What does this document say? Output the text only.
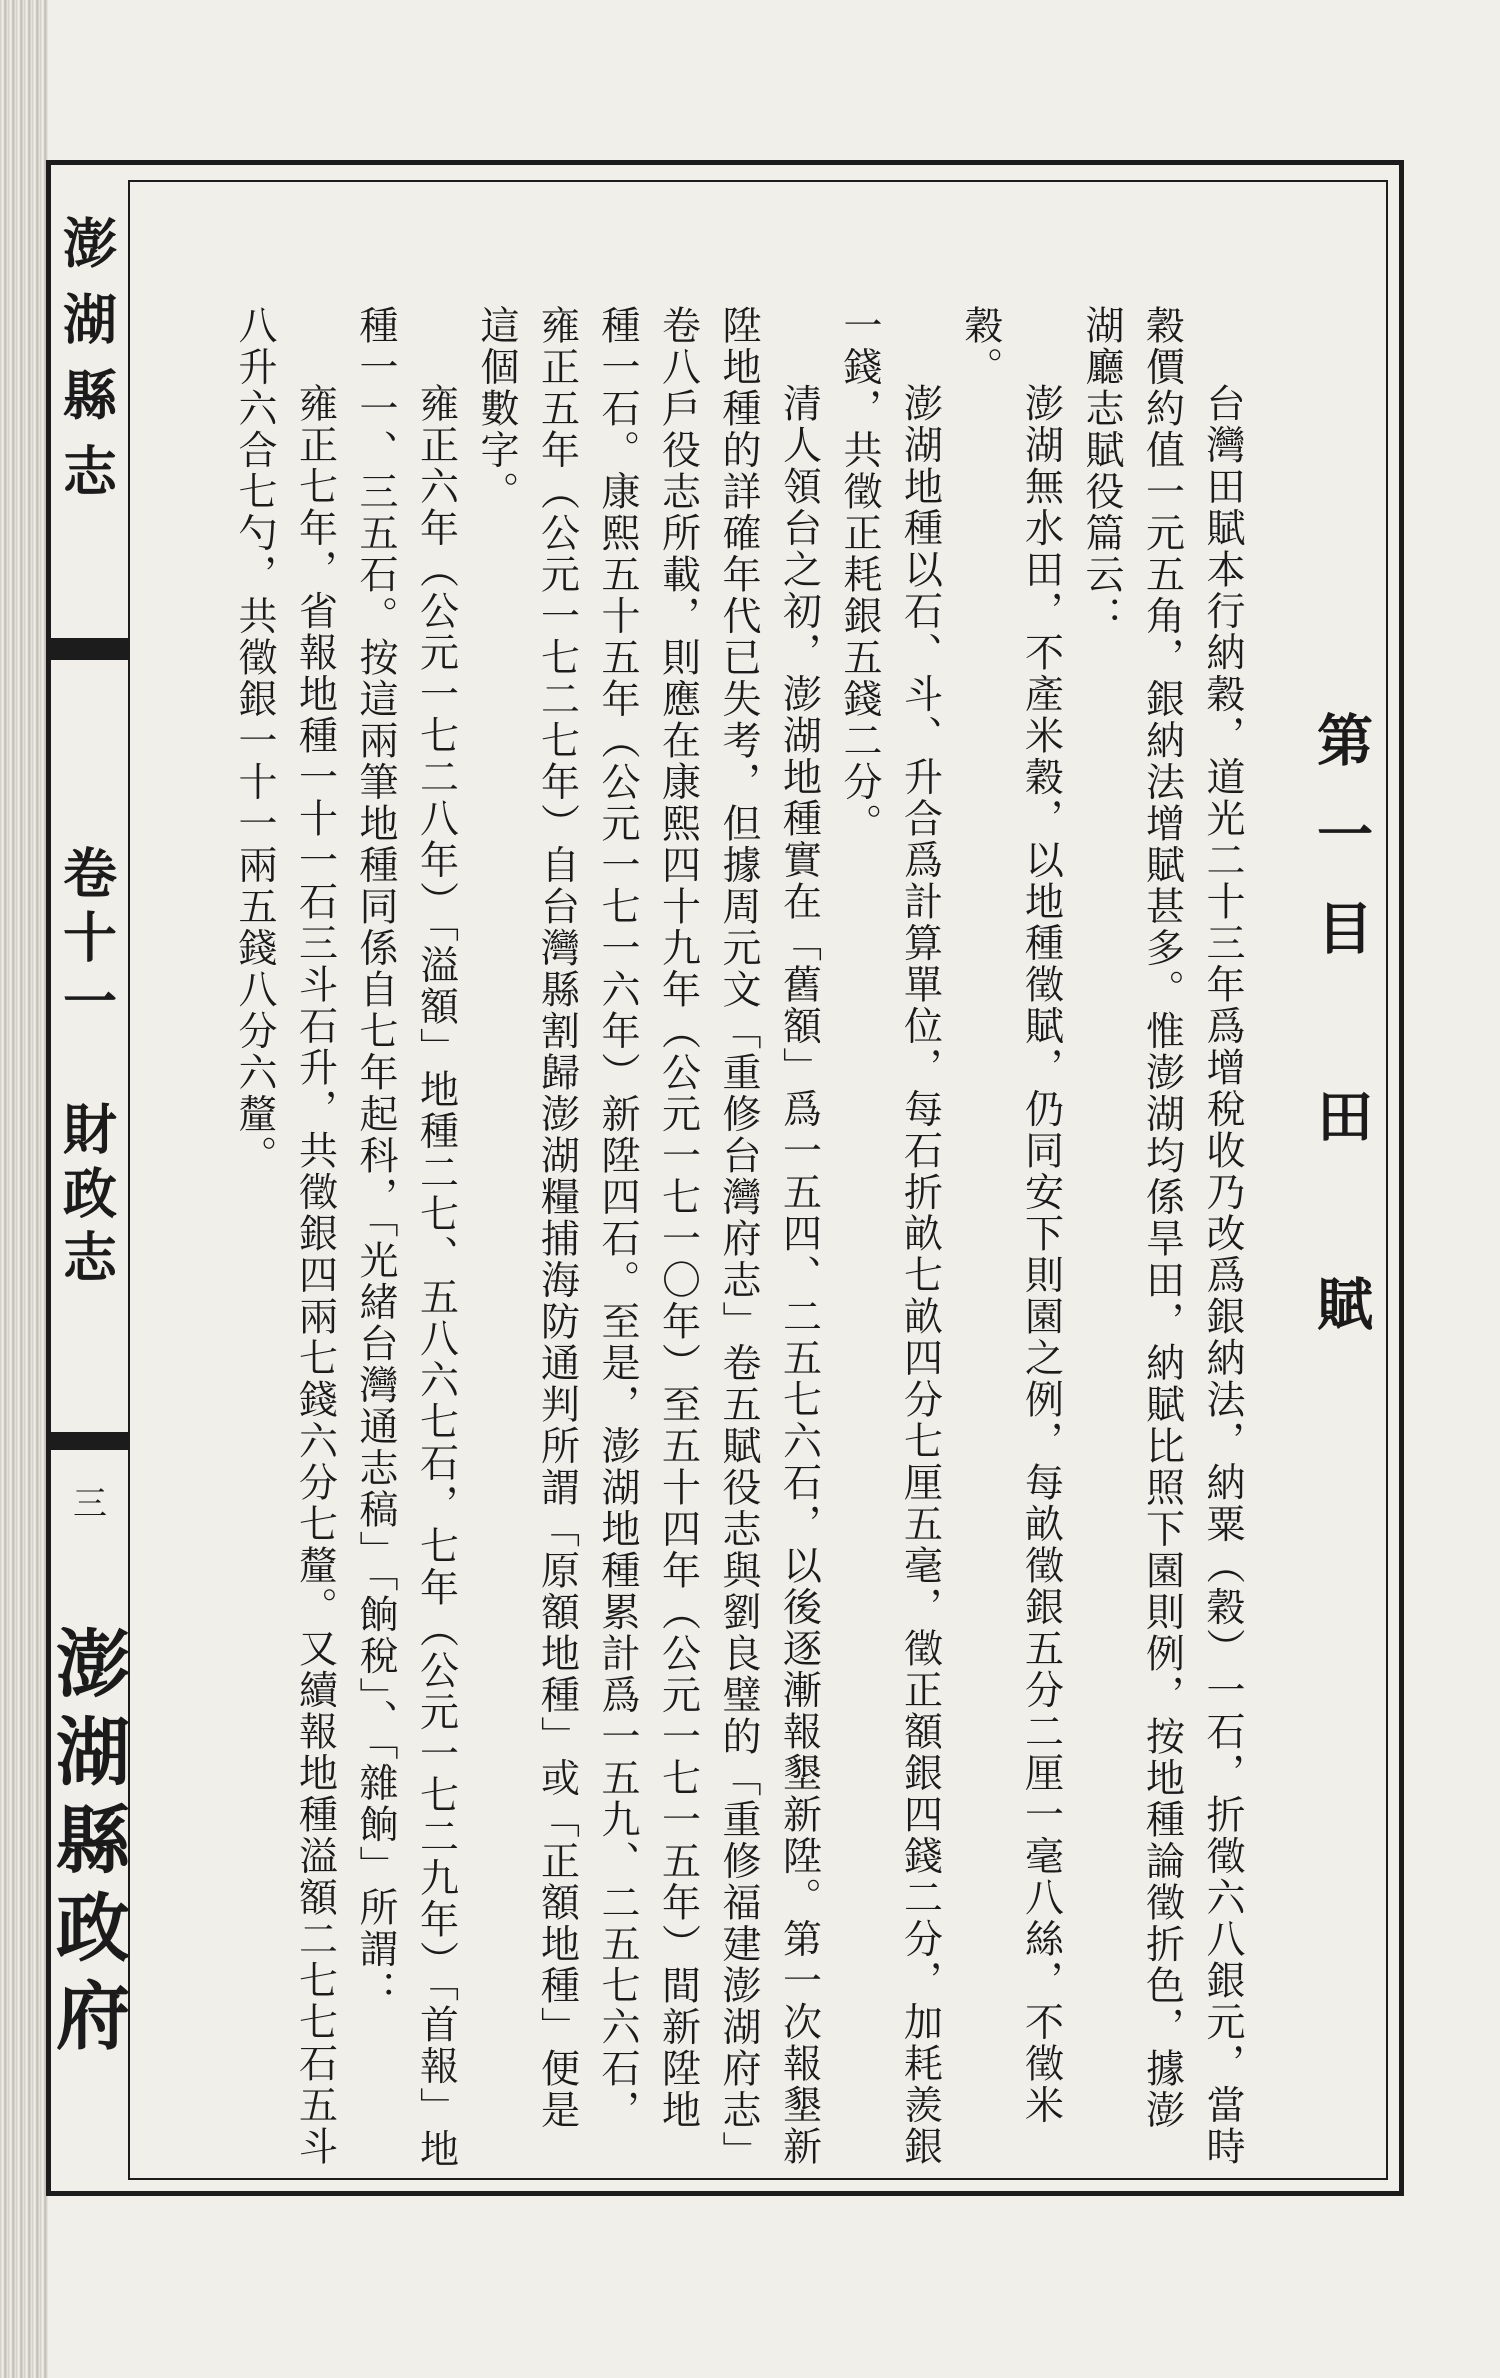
澎湖縣志
卷十一　財政志
三
澎湖縣政府
第一目　田　賦

台灣田賦本行納穀，道光二十三年爲增稅收乃改爲銀納法，納粟（穀）一石，折徵六八銀元，當時穀價約值一元五角，銀納法增賦甚多。惟澎湖均係旱田，納賦比照下園則例，按地種論徵折色，據澎湖廳志賦役篇云：

澎湖無水田，不產米穀，以地種徵賦，仍同安下則園之例，每畝徵銀五分二厘一毫八絲，不徵米穀。

澎湖地種以石、斗、升合爲計算單位，每石折畝七畝四分七厘五毫，徵正額銀四錢二分，加耗羨銀一錢，共徵正耗銀五錢二分。

清人領台之初，澎湖地種實在「舊額」爲一五四、二五七六石，以後逐漸報墾新陞。第一次報墾新陞地種的詳確年代已失考，但據周元文「重修台灣府志」卷五賦役志與劉良璧的「重修福建澎湖府志」卷八戶役志所載，則應在康熙四十九年（公元一七一〇年）至五十四年（公元一七一五年）間新陞地種一石。康熙五十五年（公元一七一六年）新陞四石。至是，澎湖地種累計爲一五九、二五七六石，雍正五年（公元一七二七年）自台灣縣割歸澎湖糧捕海防通判所謂「原額地種」或「正額地種」便是這個數字。

雍正六年（公元一七二八年）「溢額」地種二七、五八六七石，七年（公元一七二九年）「首報」地種一一、三五石。按這兩筆地種同係自七年起科，「光緒台灣通志稿」「餉稅」、「雜餉」所謂：

雍正七年，省報地種一十一石三斗石升，共徵銀四兩七錢六分七釐。又續報地種溢額二七七石五斗八升六合七勺，共徵銀一十一兩五錢八分六釐。
